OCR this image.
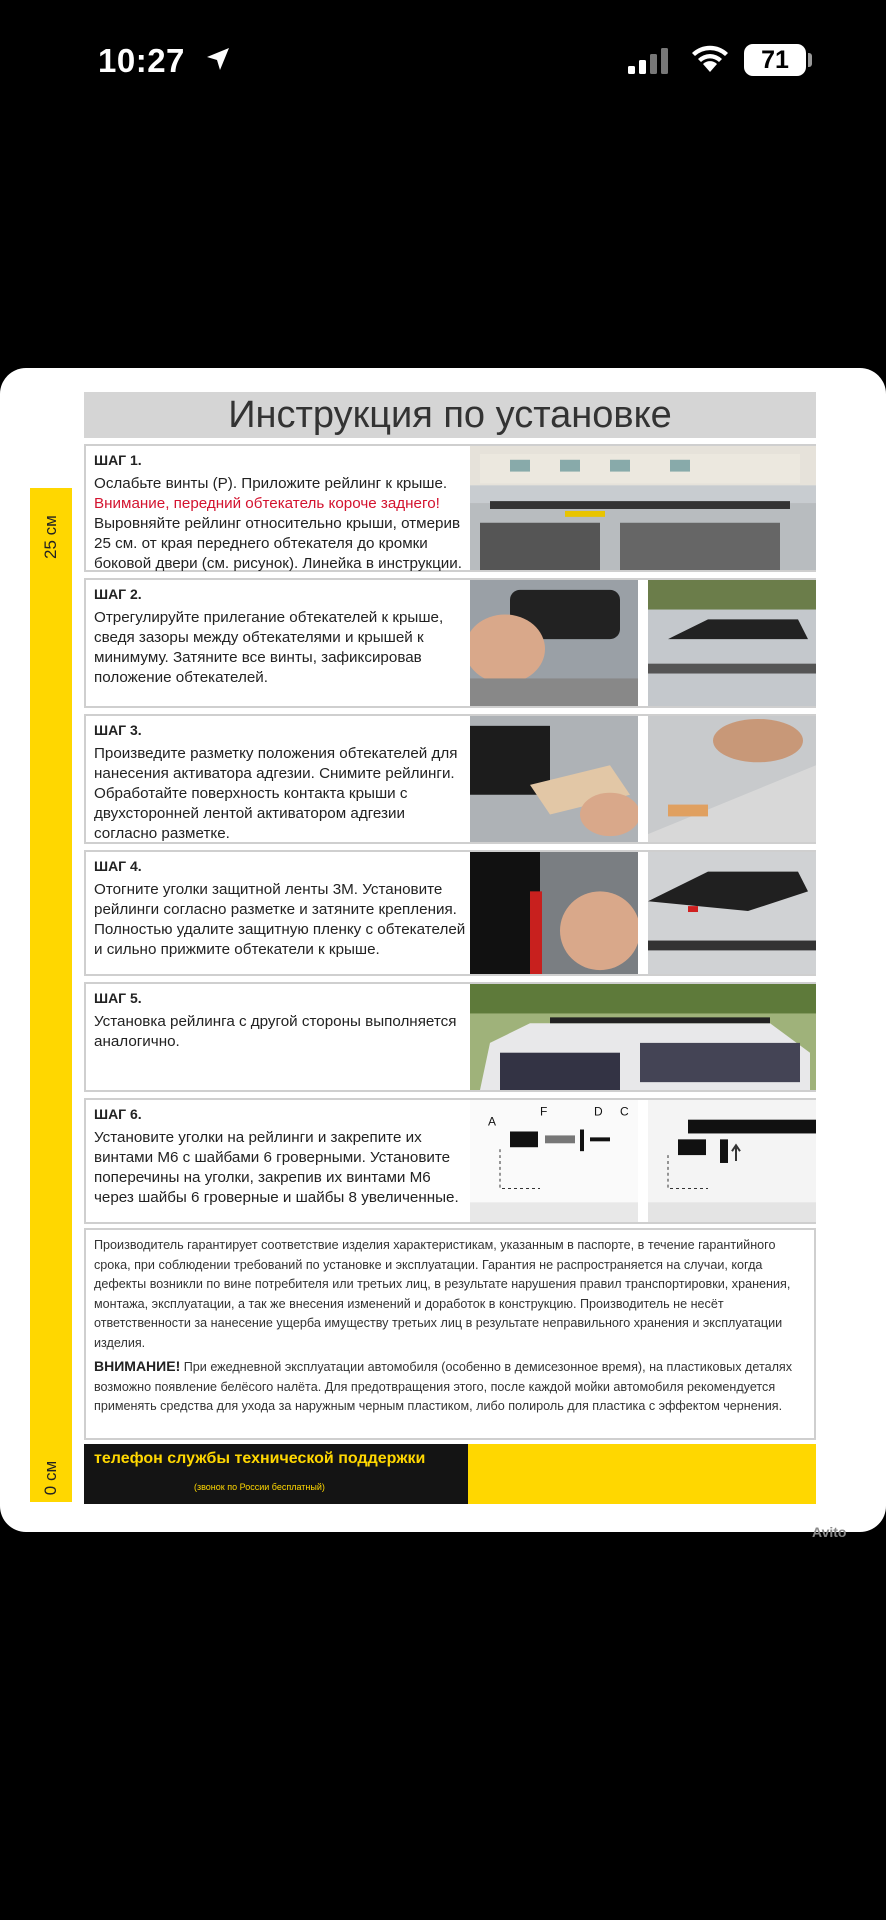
10:27	71
25 см
0 см
Инструкция по установке
ШАГ 1.
Ослабьте винты (Р). Приложите рейлинг к крыше.
Внимание, передний обтекатель короче заднего!
Выровняйте рейлинг относительно крыши, отмерив 25 см. от края переднего обтекателя до кромки боковой двери (см. рисунок). Линейка в инструкции.
ШАГ 2.
Отрегулируйте прилегание обтекателей к крыше, сведя зазоры между обтекателями и крышей к минимуму. Затяните все винты, зафиксировав положение обтекателей.
ШАГ 3.
Произведите разметку положения обтекателей для нанесения активатора адгезии. Снимите рейлинги. Обработайте поверхность контакта крыши с двухсторонней лентой активатором адгезии согласно разметке.
ШАГ 4.
Отогните уголки защитной ленты 3М. Установите рейлинги согласно разметке и затяните крепления. Полностью удалите защитную пленку с обтекателей и сильно прижмите обтекатели к крыше.
ШАГ 5.
Установка рейлинга с другой стороны выполняется аналогично.
ШАГ 6.
Установите уголки на рейлинги и закрепите их винтами М6 с шайбами 6 гроверными. Установите поперечины на уголки, закрепив их винтами М6 через шайбы 6 гроверные и шайбы 8 увеличенные.
A
F	D C
Производитель гарантирует соответствие изделия характеристикам, указанным в паспорте, в течение гарантийного срока, при соблюдении требований по установке и эксплуатации. Гарантия не распространяется на случаи, когда дефекты возникли по вине потребителя или третьих лиц, в результате нарушения правил транспортировки, хранения, монтажа, эксплуатации, а так же внесения изменений и доработок в конструкцию. Производитель не несёт ответственности за нанесение ущерба имуществу третьих лиц в результате неправильного хранения и эксплуатации изделия.
ВНИМАНИЕ! При ежедневной эксплуатации автомобиля (особенно в демисезонное время), на пластиковых деталях возможно появление белёсого налёта. Для предотвращения этого, после каждой мойки автомобиля рекомендуется применять средства для ухода за наружным черным пластиком, либо полироль для пластика с эффектом чернения.
телефон службы технической поддержки
(звонок по России бесплатный)
Avito
